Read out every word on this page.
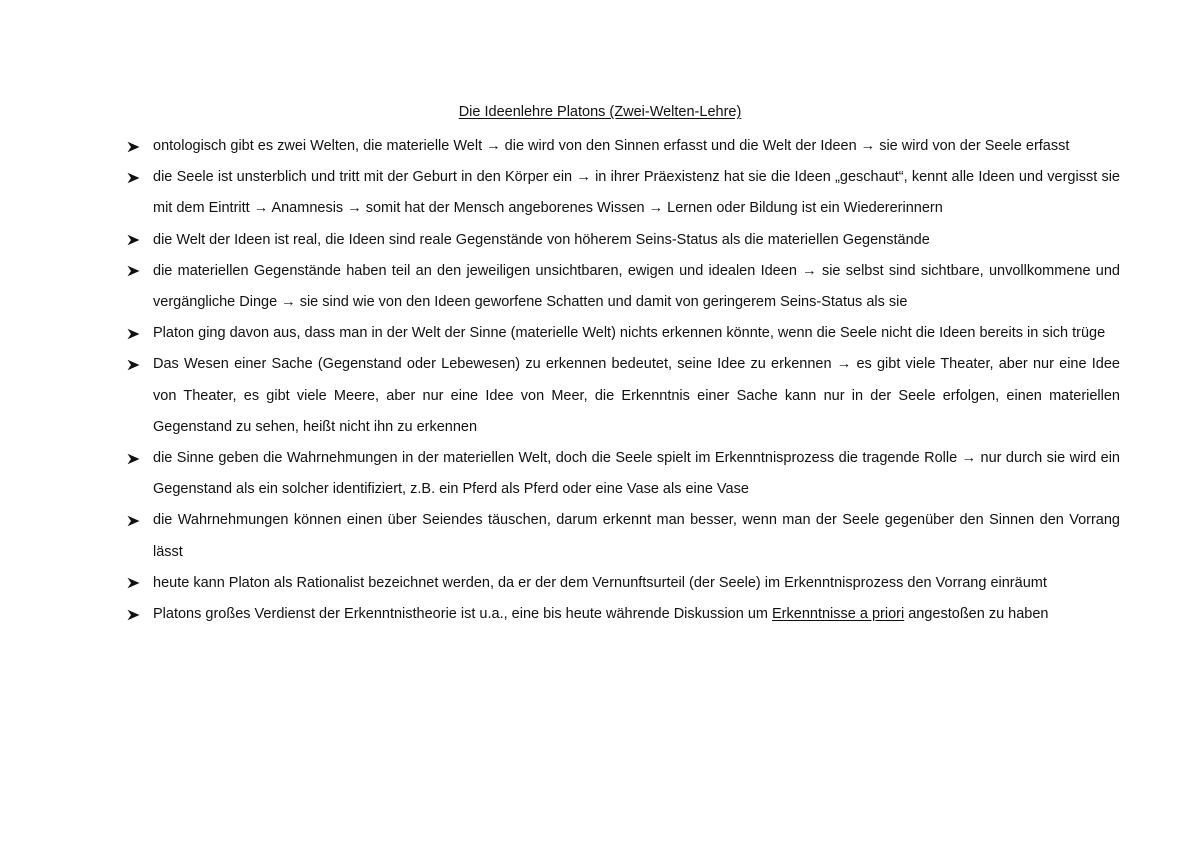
Die Ideenlehre Platons (Zwei-Welten-Lehre)
ontologisch gibt es zwei Welten, die materielle Welt → die wird von den Sinnen erfasst und die Welt der Ideen → sie wird von der Seele erfasst
die Seele ist unsterblich und tritt mit der Geburt in den Körper ein → in ihrer Präexistenz hat sie die Ideen „geschaut“, kennt alle Ideen und vergisst sie mit dem Eintritt → Anamnesis → somit hat der Mensch angeborenes Wissen → Lernen oder Bildung ist ein Wiedererinnern
die Welt der Ideen ist real, die Ideen sind reale Gegenstände von höherem Seins-Status als die materiellen Gegenstände
die materiellen Gegenstände haben teil an den jeweiligen unsichtbaren, ewigen und idealen Ideen → sie selbst sind sichtbare, unvollkommene und vergängliche Dinge → sie sind wie von den Ideen geworfene Schatten und damit von geringerem Seins-Status als sie
Platon ging davon aus, dass man in der Welt der Sinne (materielle Welt) nichts erkennen könnte, wenn die Seele nicht die Ideen bereits in sich trüge
Das Wesen einer Sache (Gegenstand oder Lebewesen) zu erkennen bedeutet, seine Idee zu erkennen → es gibt viele Theater, aber nur eine Idee von Theater, es gibt viele Meere, aber nur eine Idee von Meer, die Erkenntnis einer Sache kann nur in der Seele erfolgen, einen materiellen Gegenstand zu sehen, heißt nicht ihn zu erkennen
die Sinne geben die Wahrnehmungen in der materiellen Welt, doch die Seele spielt im Erkenntnisprozess die tragende Rolle → nur durch sie wird ein Gegenstand als ein solcher identifiziert, z.B. ein Pferd als Pferd oder eine Vase als eine Vase
die Wahrnehmungen können einen über Seiendes täuschen, darum erkennt man besser, wenn man der Seele gegenüber den Sinnen den Vorrang lässt
heute kann Platon als Rationalist bezeichnet werden, da er der dem Vernunftsurteil (der Seele) im Erkenntnisprozess den Vorrang einräumt
Platons großes Verdienst der Erkenntnistheorie ist u.a., eine bis heute währende Diskussion um Erkenntnisse a priori angestoßen zu haben
